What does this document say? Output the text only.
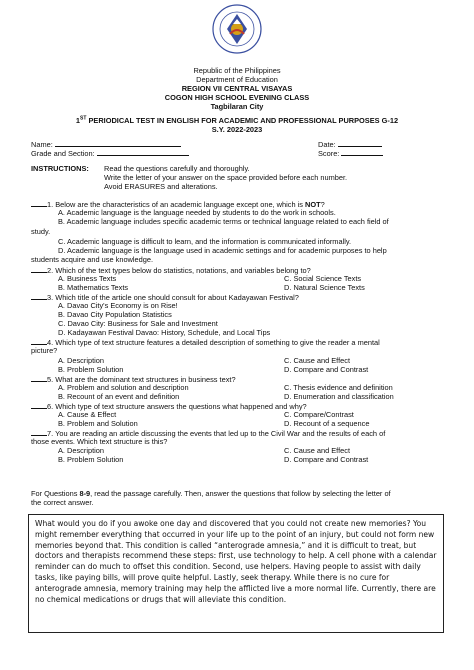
Republic of the Philippines
Department of Education
REGION VII CENTRAL VISAYAS
COGON HIGH SCHOOL EVENING CLASS
Tagbilaran City
1ST PERIODICAL TEST IN ENGLISH FOR ACADEMIC AND PROFESSIONAL PURPOSES G-12
S.Y. 2022-2023
Name:	Date:
Grade and Section:	Score:
INSTRUCTIONS: Read the questions carefully and thoroughly.
Write the letter of your answer on the space provided before each number.
Avoid ERASURES and alterations.
1. Below are the characteristics of an academic language except one, which is NOT?
A. Academic language is the language needed by students to do the work in schools.
B. Academic language includes specific academic terms or technical language related to each field of
study.
C. Academic language is difficult to learn, and the information is communicated informally.
D. Academic language is the language used in academic settings and for academic purposes to help
students acquire and use knowledge.
2. Which of the text types below do statistics, notations, and variables belong to?
A. Business Texts	C. Social Science Texts
B. Mathematics Texts	D. Natural Science Texts
3. Which title of the article one should consult for about Kadayawan Festival?
A. Davao City's Economy is on Rise!
B. Davao City Population Statistics
C. Davao City: Business for Sale and Investment
D. Kadayawan Festival Davao: History, Schedule, and Local Tips
4. Which type of text structure features a detailed description of something to give the reader a mental
picture?
A. Description	C. Cause and Effect
B. Problem Solution	D. Compare and Contrast
5. What are the dominant text structures in business text?
A. Problem and solution and description	C. Thesis evidence and definition
B. Recount of an event and definition	D. Enumeration and classification
6. Which type of text structure answers the questions what happened and why?
A. Cause & Effect	C. Compare/Contrast
B. Problem and Solution	D. Recount of a sequence
7. You are reading an article discussing the events that led up to the Civil War and the results of each of
those events. Which text structure is this?
A. Description	C. Cause and Effect
B. Problem Solution	D. Compare and Contrast
For Questions 8-9, read the passage carefully. Then, answer the questions that follow by selecting the letter of
the correct answer.
What would you do if you awoke one day and discovered that you could not create new memories? You might remember everything that occurred in your life up to the point of an injury, but could not form new memories beyond that. This condition is called “anterograde amnesia,” and it is difficult to treat, but doctors and therapists recommend these steps: first, use technology to help. A cell phone with a calendar reminder can do much to offset this condition. Second, use helpers. Having people to assist with daily tasks, like paying bills, will prove quite helpful. Lastly, seek therapy. While there is no cure for anterograde amnesia, memory training may help the afflicted live a more normal life. Currently, there are no chemical medications or drugs that will alleviate this condition.
